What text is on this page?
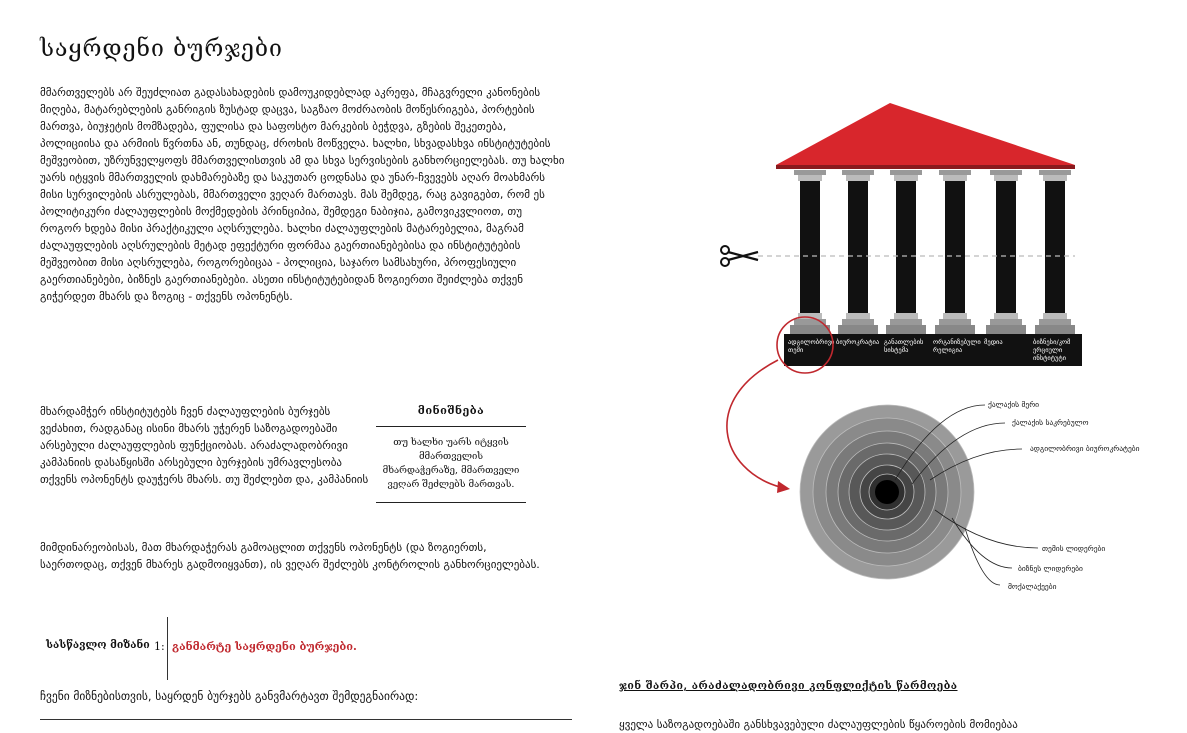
საყრდენი ბურჯები
მმართველებს არ შეუძლიათ გადასახადების დამოუკიდებლად აკრეფა, მჩაგვრელი კანონების მიღება, მატარებლების განრიგის ზუსტად დაცვა, საგზაო მოძრაობის მოწესრიგება, პორტების მართვა, ბიუჯეტის მომზადება, ფულისა და საფოსტო მარკების ბეჭდვა, გზების შეკეთება, პოლიციისა და არმიის წვრთნა ან, თუნდაც, ძროხის მოწველა. ხალხი, სხვადასხვა ინსტიტუტების მეშვეობით, უზრუნველყოფს მმართველისთვის ამ და სხვა სერვისების განხორციელებას. თუ ხალხი უარს იტყვის მმართველის დახმარებაზე და საკუთარ ცოდნასა და უნარ-ჩვევებს აღარ მოახმარს მისი სურვილების ასრულებას, მმართველი ვეღარ მართავს. მას შემდეგ, რაც გავიგებთ, რომ ეს პოლიტიკური ძალაუფლების მოქმედების პრინციპია, შემდეგი ნაბიჯია, გამოვიკვლიოთ, თუ როგორ ხდება მისი პრაქტიკული აღსრულება. ხალხი ძალაუფლების მატარებელია, მაგრამ ძალაუფლების აღსრულების მეტად ეფექტური ფორმაა გაერთიანებებისა და ინსტიტუტების მეშვეობით მისი აღსრულება, როგორებიცაა - პოლიცია, საჯარო სამსახური, პროფესიული გაერთიანებები, ბიზნეს გაერთიანებები. ასეთი ინსტიტუტებიდან ზოგიერთი შეიძლება თქვენ გიჭერდეთ მხარს და ზოგიც - თქვენს ოპონენტს.
მხარდამჭერ ინსტიტუტებს ჩვენ ძალაუფლების ბურჯებს ვეძახით, რადგანაც ისინი მხარს უჭერენ საზოგადოებაში არსებული ძალაუფლების ფუნქციობას. არაძალადობრივი კამპანიის დასაწყისში არსებული ბურჯების უმრავლესობა თქვენს ოპონენტს დაუჭერს მხარს. თუ შეძლებთ და, კამპანიის
მიმდინარეობისას, მათ მხარდაჭერას გამოაცლით თქვენს ოპონენტს (და ზოგიერთს, საერთოდაც, თქვენ მხარეს გადმოიყვანთ), ის ვეღარ შეძლებს კონტროლის განხორციელებას.
მინიშნება
თუ ხალხი უარს იტყვის მმართველის მხარდაჭერაზე, მმართველი ვეღარ შეძლებს მართვას.
სასწავლო მიზანი 1: განმარტე საყრდენი ბურჯები.
ჩვენი მიზნებისთვის, საყრდენ ბურჯებს განვმარტავთ შემდეგნაირად:
ჯინ შარპი, არაძალადობრივი კონფლიქტის წარმოება
ყველა საზოგადოებაში განსხვავებული ძალაუფლების წყაროების მომიებაა
ადგილობრივი თემი
ბიუროკრატია განათლების სისტემა
ორგანიზებული რელიგია
მედია	ბიზნესი/კომ ერციული ინსტიტუტი
ქალაქის მერი
ქალაქის საკრებულო
ადგილობრივი ბიუროკრატები
თემის ლიდერები
ბიზნეს ლიდერები
მოქალაქეები
